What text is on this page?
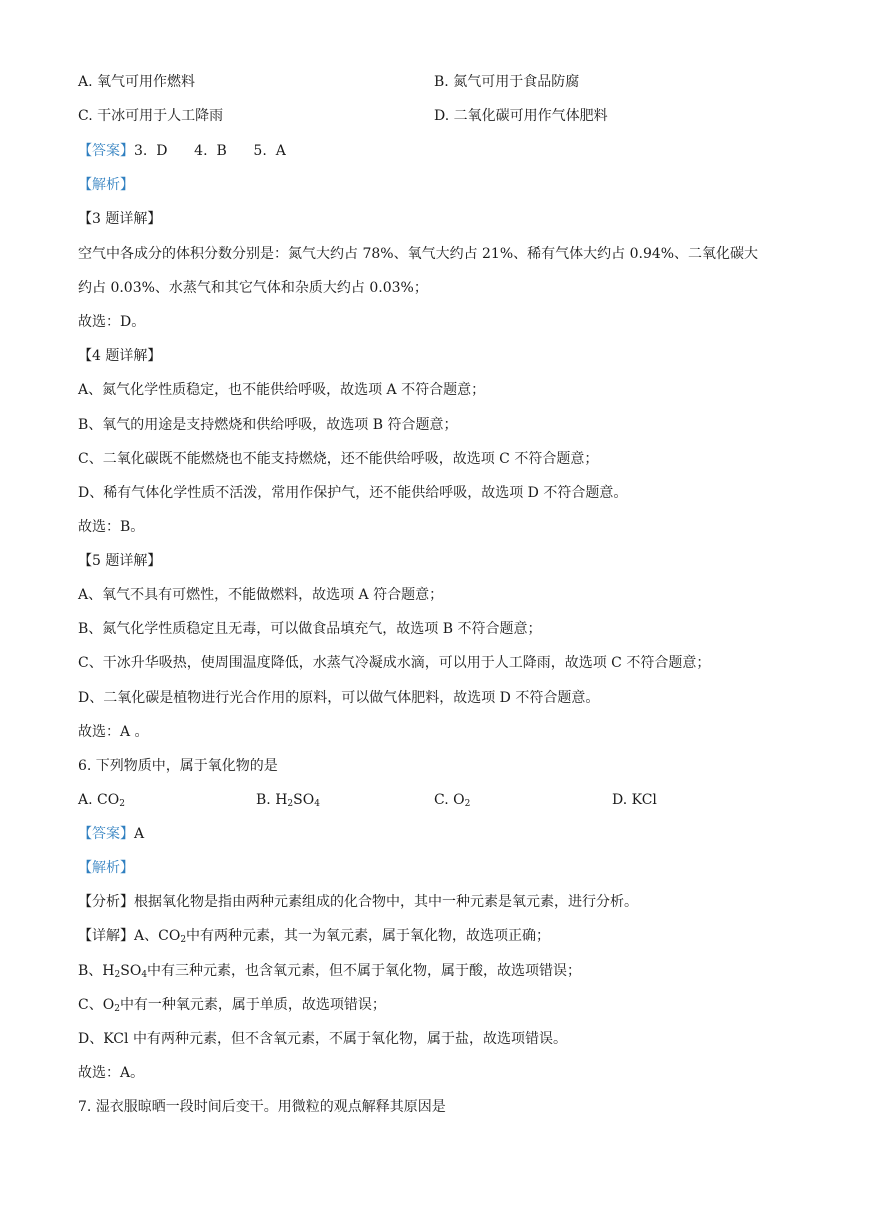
A. 氧气可用作燃料	B. 氮气可用于食品防腐
C. 干冰可用于人工降雨	D. 二氧化碳可用作气体肥料
【答案】3.  D      4.  B      5.  A
【解析】
【3 题详解】
空气中各成分的体积分数分别是：氮气大约占 78%、氧气大约占 21%、稀有气体大约占 0.94%、二氧化碳大
约占 0.03%、水蒸气和其它气体和杂质大约占 0.03%；
故选：D。
【4 题详解】
A、氮气化学性质稳定，也不能供给呼吸，故选项 A 不符合题意；
B、氧气的用途是支持燃烧和供给呼吸，故选项 B 符合题意；
C、二氧化碳既不能燃烧也不能支持燃烧，还不能供给呼吸，故选项 C 不符合题意；
D、稀有气体化学性质不活泼，常用作保护气，还不能供给呼吸，故选项 D 不符合题意。
故选：B。
【5 题详解】
A、氧气不具有可燃性，不能做燃料，故选项 A 符合题意；
B、氮气化学性质稳定且无毒，可以做食品填充气，故选项 B 不符合题意；
C、干冰升华吸热，使周围温度降低，水蒸气冷凝成水滴，可以用于人工降雨，故选项 C 不符合题意；
D、二氧化碳是植物进行光合作用的原料，可以做气体肥料，故选项 D 不符合题意。
故选：A 。
6. 下列物质中，属于氧化物的是
A. $CO_2$	B. $H_2SO_4$	C. $O_2$	D. KCl
【答案】A
【解析】
【分析】根据氧化物是指由两种元素组成的化合物中，其中一种元素是氧元素，进行分析。
【详解】A、$CO_2$中有两种元素，其一为氧元素，属于氧化物，故选项正确；
B、$H_2SO_4$中有三种元素，也含氧元素，但不属于氧化物，属于酸，故选项错误；
C、$O_2$中有一种氧元素，属于单质，故选项错误；
D、KCl 中有两种元素，但不含氧元素，不属于氧化物，属于盐，故选项错误。
故选：A。
7. 湿衣服晾晒一段时间后变干。用微粒的观点解释其原因是
